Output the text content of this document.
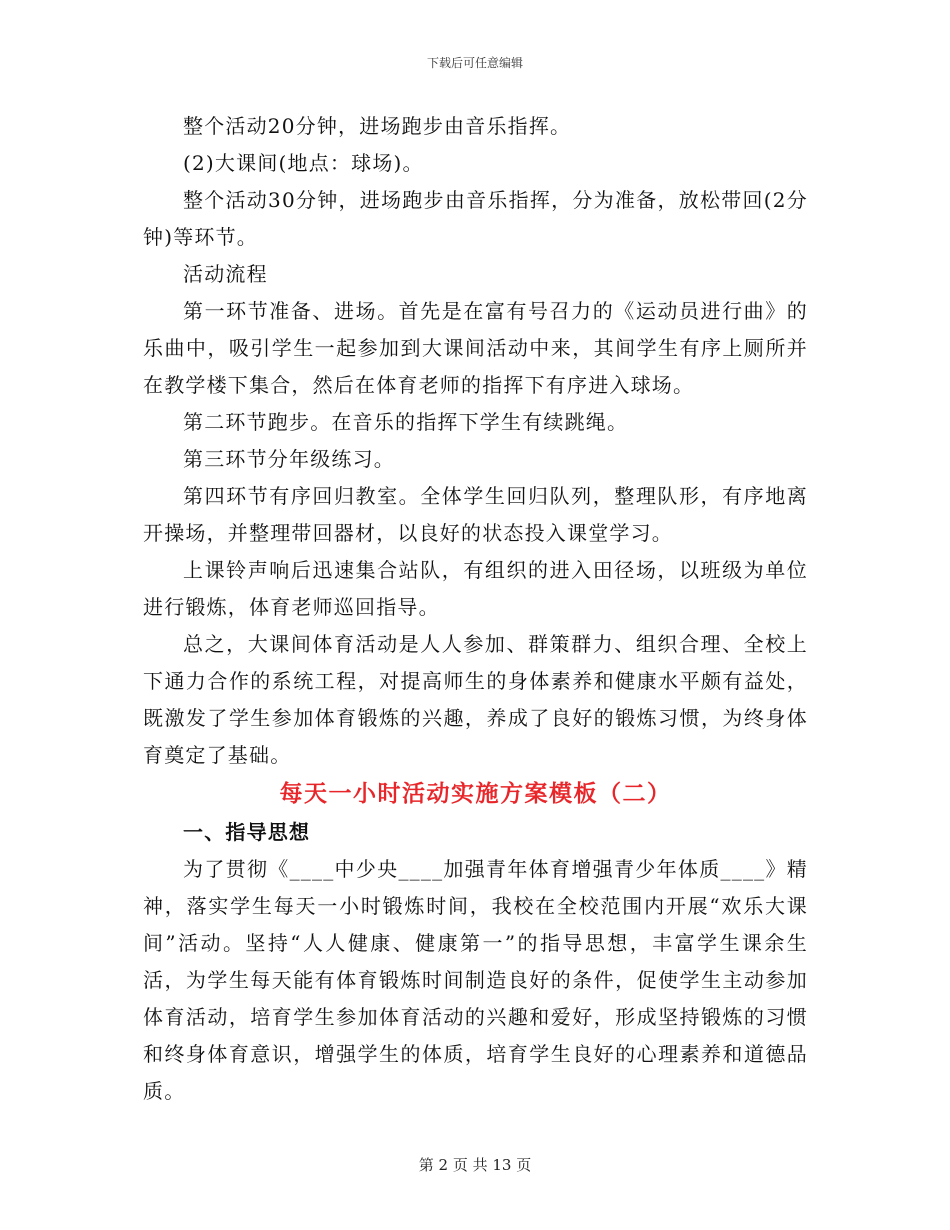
下载后可任意编辑

整个活动20分钟，进场跑步由音乐指挥。

(2)大课间(地点：球场)。

整个活动30分钟，进场跑步由音乐指挥，分为准备，放松带回(2分钟)等环节。

活动流程

第一环节准备、进场。首先是在富有号召力的《运动员进行曲》的乐曲中，吸引学生一起参加到大课间活动中来，其间学生有序上厕所并在教学楼下集合，然后在体育老师的指挥下有序进入球场。

第二环节跑步。在音乐的指挥下学生有续跳绳。

第三环节分年级练习。

第四环节有序回归教室。全体学生回归队列，整理队形，有序地离开操场，并整理带回器材，以良好的状态投入课堂学习。

上课铃声响后迅速集合站队，有组织的进入田径场，以班级为单位进行锻炼，体育老师巡回指导。

总之，大课间体育活动是人人参加、群策群力、组织合理、全校上下通力合作的系统工程，对提高师生的身体素养和健康水平颇有益处，既激发了学生参加体育锻炼的兴趣，养成了良好的锻炼习惯，为终身体育奠定了基础。

每天一小时活动实施方案模板（二）
一、指导思想

为了贯彻《____中少央____加强青年体育增强青少年体质____》精神，落实学生每天一小时锻炼时间，我校在全校范围内开展“欢乐大课间”活动。坚持“人人健康、健康第一”的指导思想，丰富学生课余生活，为学生每天能有体育锻炼时间制造良好的条件，促使学生主动参加体育活动，培育学生参加体育活动的兴趣和爱好，形成坚持锻炼的习惯和终身体育意识，增强学生的体质，培育学生良好的心理素养和道德品质。

第 2 页 共 13 页
